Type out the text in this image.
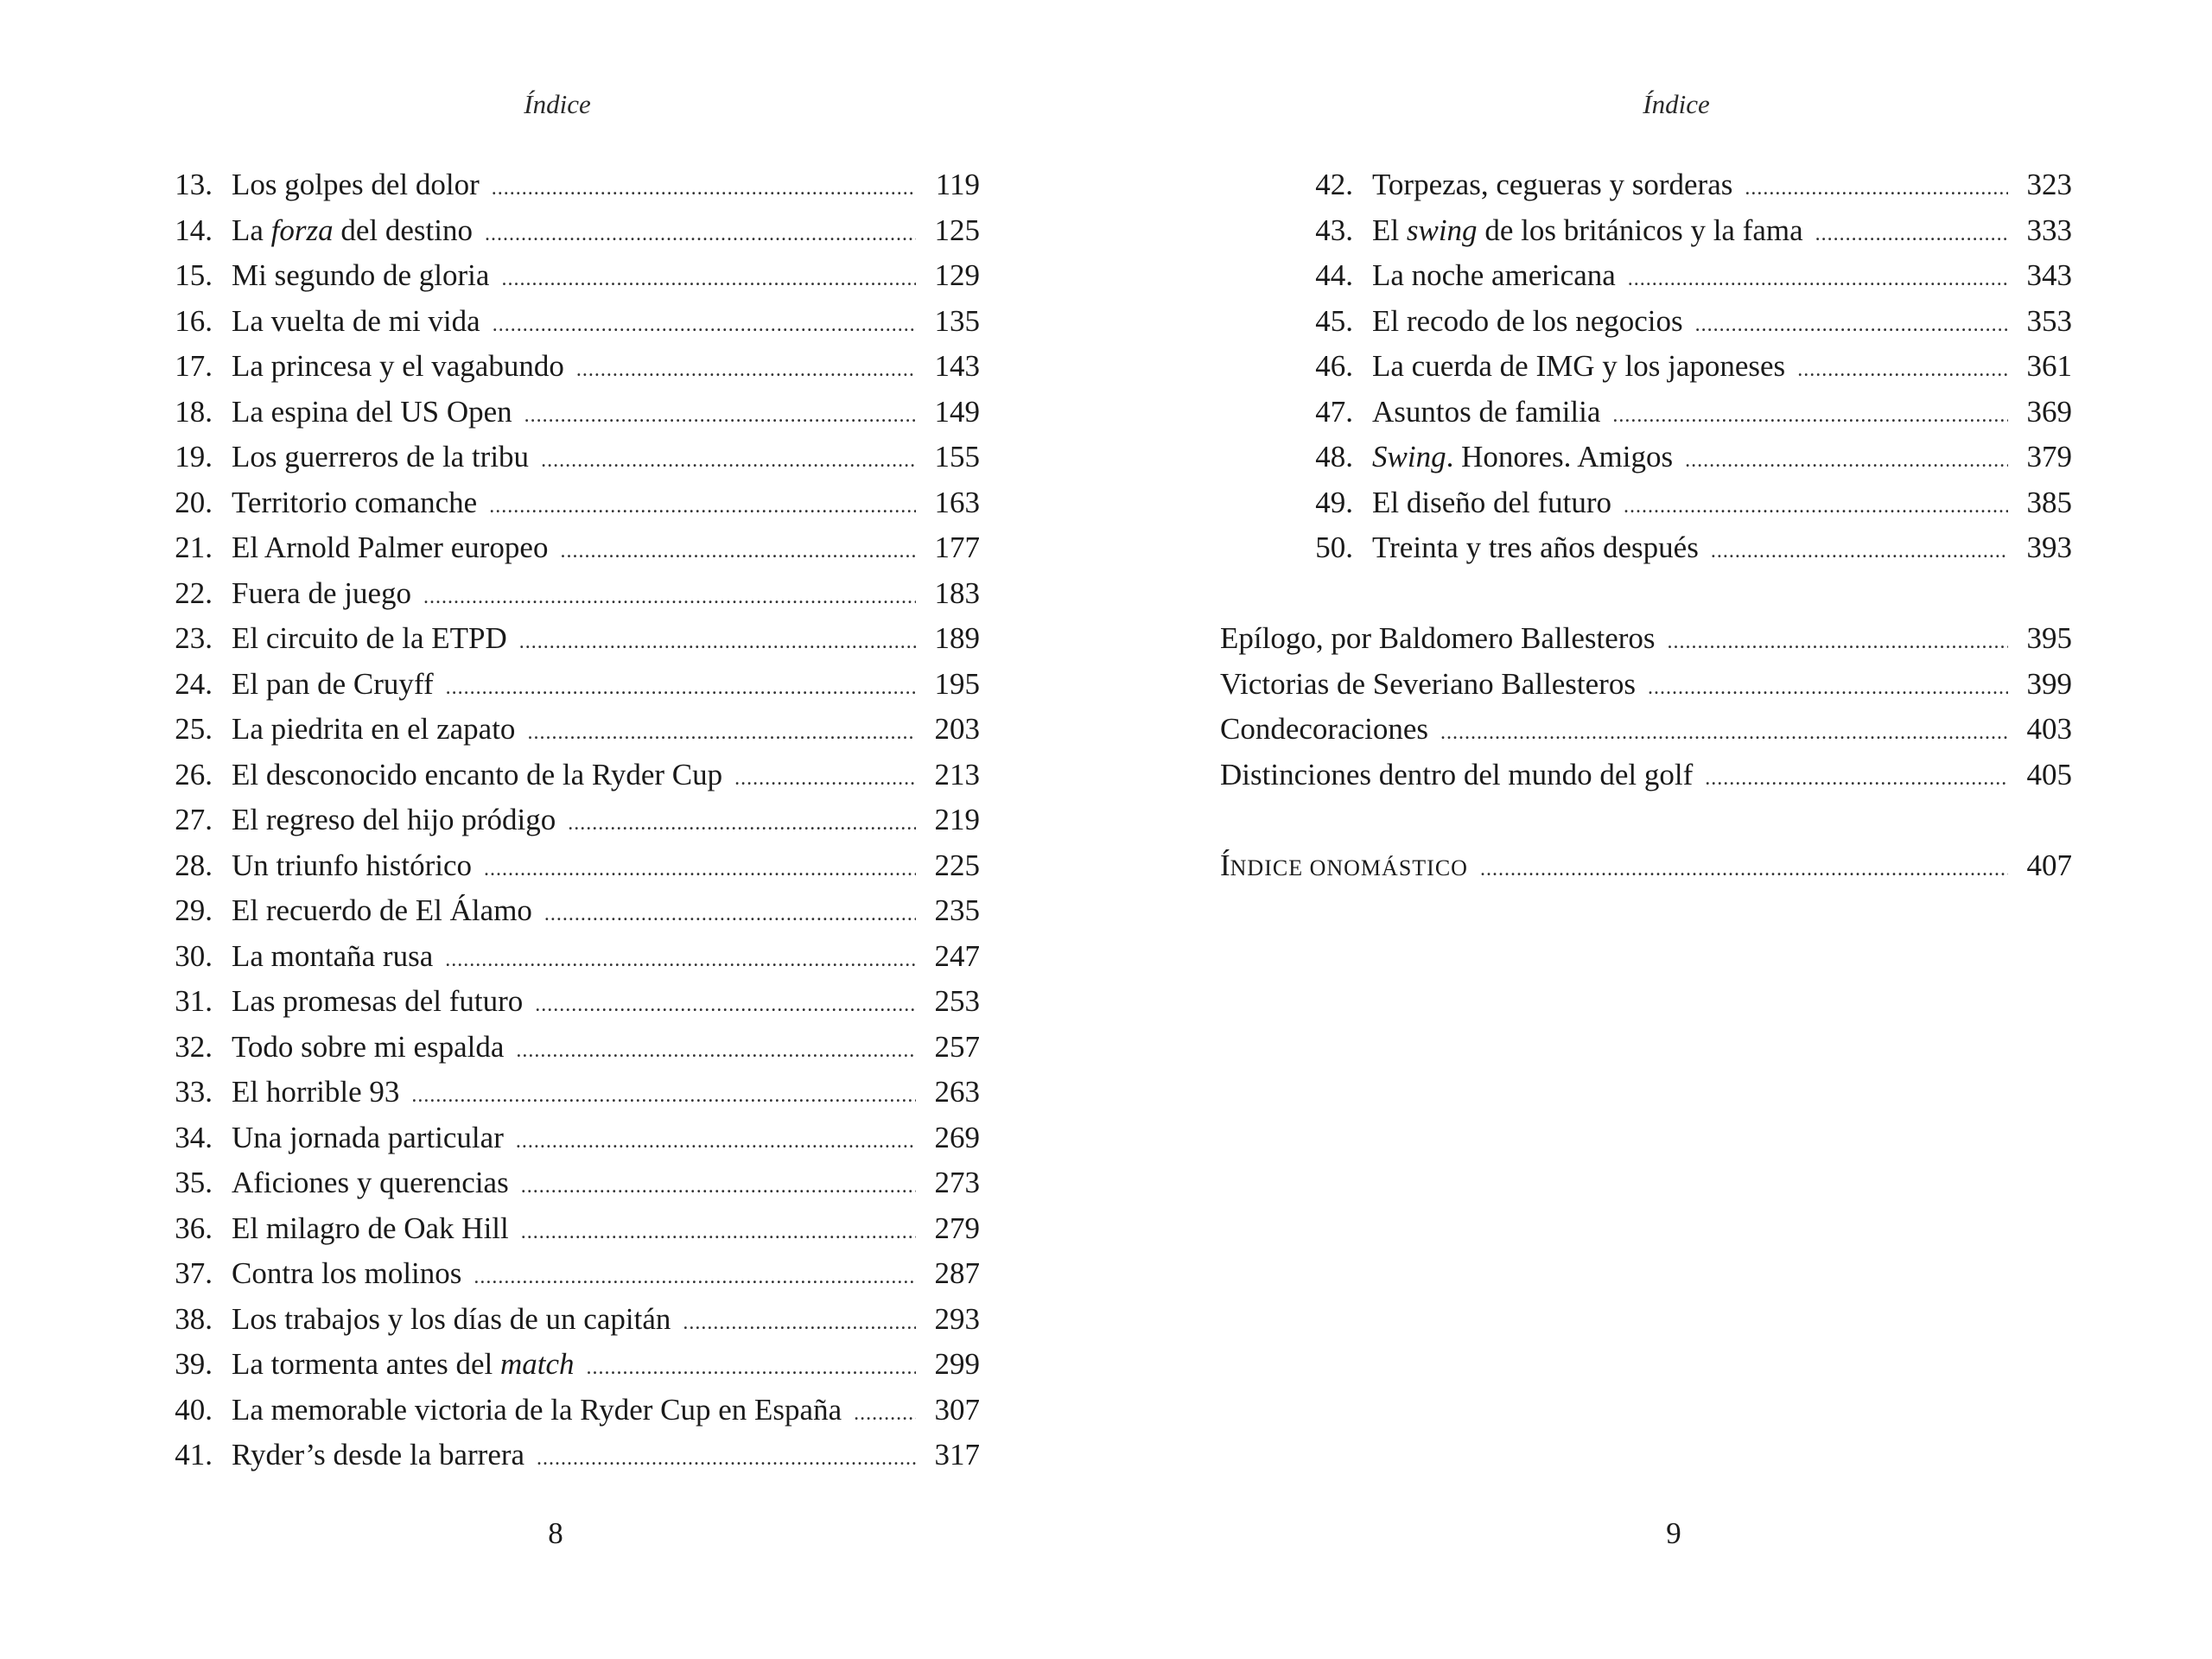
Índice
13. Los golpes del dolor .....	119
14. La forza del destino .....	125
15. Mi segundo de gloria .....	129
16. La vuelta de mi vida .....	135
17. La princesa y el vagabundo .....	143
18. La espina del US Open .....	149
19. Los guerreros de la tribu .....	155
20. Territorio comanche .....	163
21. El Arnold Palmer europeo .....	177
22. Fuera de juego .....	183
23. El circuito de la ETPD .....	189
24. El pan de Cruyff .....	195
25. La piedrita en el zapato .....	203
26. El desconocido encanto de la Ryder Cup .....	213
27. El regreso del hijo pródigo .....	219
28. Un triunfo histórico .....	225
29. El recuerdo de El Álamo .....	235
30. La montaña rusa .....	247
31. Las promesas del futuro .....	253
32. Todo sobre mi espalda .....	257
33. El horrible 93 .....	263
34. Una jornada particular .....	269
35. Aficiones y querencias .....	273
36. El milagro de Oak Hill .....	279
37. Contra los molinos .....	287
38. Los trabajos y los días de un capitán .....	293
39. La tormenta antes del match .....	299
40. La memorable victoria de la Ryder Cup en España .....	307
41. Ryder’s desde la barrera .....	317
8
Índice
42. Torpezas, cegueras y sorderas .....	323
43. El swing de los británicos y la fama .....	333
44. La noche americana .....	343
45. El recodo de los negocios .....	353
46. La cuerda de IMG y los japoneses .....	361
47. Asuntos de familia .....	369
48. Swing. Honores. Amigos .....	379
49. El diseño del futuro .....	385
50. Treinta y tres años después .....	393
Epílogo, por Baldomero Ballesteros .....	395
Victorias de Severiano Ballesteros .....	399
Condecoraciones .....	403
Distinciones dentro del mundo del golf .....	405
ÍNDICE ONOMÁSTICO .....	407
9
